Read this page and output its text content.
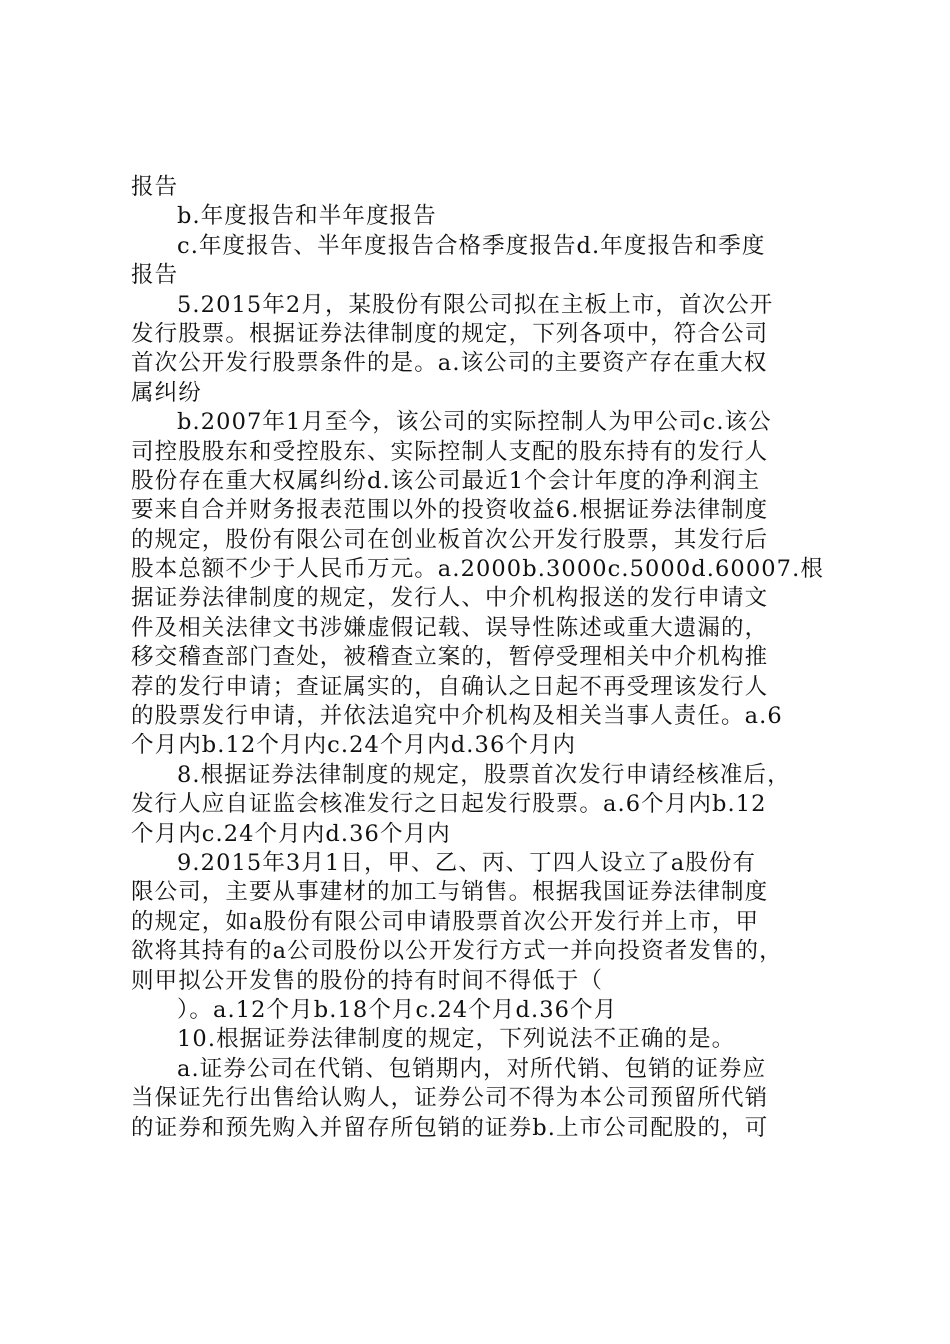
报告
b.年度报告和半年度报告
c.年度报告、半年度报告合格季度报告d.年度报告和季度
报告
5.2015年2月，某股份有限公司拟在主板上市，首次公开
发行股票。根据证券法律制度的规定，下列各项中，符合公司
首次公开发行股票条件的是。a.该公司的主要资产存在重大权
属纠纷
b.2007年1月至今，该公司的实际控制人为甲公司c.该公
司控股股东和受控股东、实际控制人支配的股东持有的发行人
股份存在重大权属纠纷d.该公司最近1个会计年度的净利润主
要来自合并财务报表范围以外的投资收益6.根据证券法律制度
的规定，股份有限公司在创业板首次公开发行股票，其发行后
股本总额不少于人民币万元。a.2000b.3000c.5000d.60007.根
据证券法律制度的规定，发行人、中介机构报送的发行申请文
件及相关法律文书涉嫌虚假记载、误导性陈述或重大遗漏的，
移交稽查部门查处，被稽查立案的，暂停受理相关中介机构推
荐的发行申请；查证属实的，自确认之日起不再受理该发行人
的股票发行申请，并依法追究中介机构及相关当事人责任。a.6
个月内b.12个月内c.24个月内d.36个月内
8.根据证券法律制度的规定，股票首次发行申请经核准后，
发行人应自证监会核准发行之日起发行股票。a.6个月内b.12
个月内c.24个月内d.36个月内
9.2015年3月1日，甲、乙、丙、丁四人设立了a股份有
限公司，主要从事建材的加工与销售。根据我国证券法律制度
的规定，如a股份有限公司申请股票首次公开发行并上市，甲
欲将其持有的a公司股份以公开发行方式一并向投资者发售的，
则甲拟公开发售的股份的持有时间不得低于（
）。a.12个月b.18个月c.24个月d.36个月
10.根据证券法律制度的规定，下列说法不正确的是。
a.证券公司在代销、包销期内，对所代销、包销的证券应
当保证先行出售给认购人，证券公司不得为本公司预留所代销
的证券和预先购入并留存所包销的证券b.上市公司配股的，可
